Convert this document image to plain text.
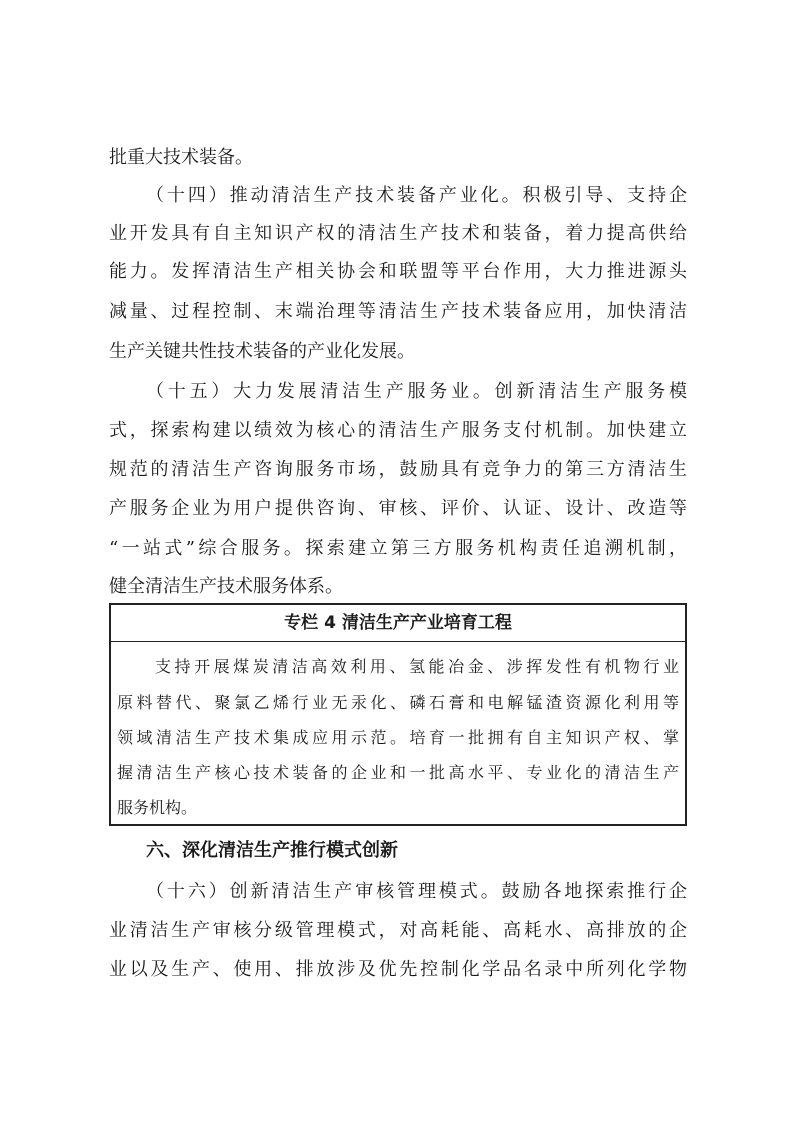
批重大技术装备。
（十四）推动清洁生产技术装备产业化。积极引导、支持企
业开发具有自主知识产权的清洁生产技术和装备，着力提高供给
能力。发挥清洁生产相关协会和联盟等平台作用，大力推进源头
减量、过程控制、末端治理等清洁生产技术装备应用，加快清洁
生产关键共性技术装备的产业化发展。
（十五）大力发展清洁生产服务业。创新清洁生产服务模
式，探索构建以绩效为核心的清洁生产服务支付机制。加快建立
规范的清洁生产咨询服务市场，鼓励具有竞争力的第三方清洁生
产服务企业为用户提供咨询、审核、评价、认证、设计、改造等
“一站式”综合服务。探索建立第三方服务机构责任追溯机制，
健全清洁生产技术服务体系。
专栏 4 清洁生产产业培育工程
支持开展煤炭清洁高效利用、氢能冶金、涉挥发性有机物行业
原料替代、聚氯乙烯行业无汞化、磷石膏和电解锰渣资源化利用等
领域清洁生产技术集成应用示范。培育一批拥有自主知识产权、掌
握清洁生产核心技术装备的企业和一批高水平、专业化的清洁生产
服务机构。
六、深化清洁生产推行模式创新
（十六）创新清洁生产审核管理模式。鼓励各地探索推行企
业清洁生产审核分级管理模式，对高耗能、高耗水、高排放的企
业以及生产、使用、排放涉及优先控制化学品名录中所列化学物
